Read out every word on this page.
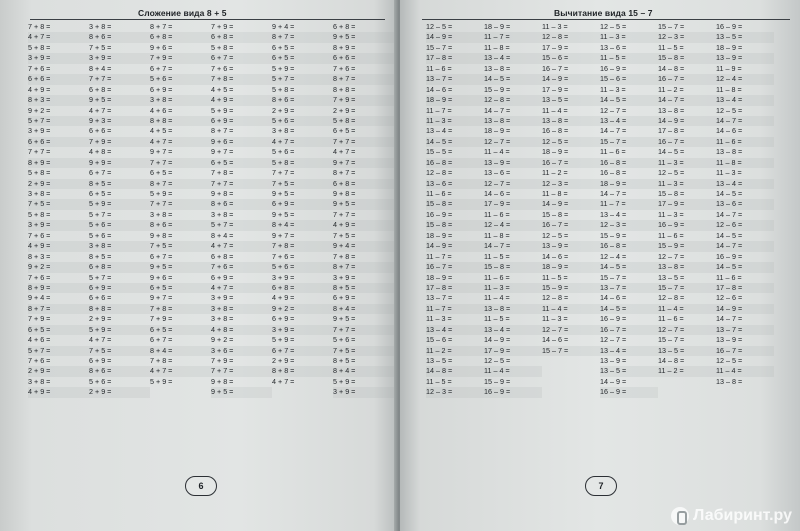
Сложение вида 8 + 5
7 + 8 =
4 + 7 =
5 + 8 =
3 + 9 =
7 + 6 =
6 + 6 =
4 + 9 =
8 + 3 =
9 + 2 =
5 + 7 =
3 + 9 =
6 + 6 =
7 + 7 =
8 + 9 =
5 + 8 =
2 + 9 =
3 + 8 =
7 + 5 =
5 + 8 =
3 + 9 =
7 + 6 =
4 + 9 =
8 + 3 =
9 + 2 =
7 + 6 =
8 + 9 =
9 + 4 =
8 + 7 =
7 + 9 =
6 + 5 =
4 + 6 =
5 + 7 =
7 + 6 =
2 + 9 =
3 + 8 =
4 + 9 =
3 + 8 =
8 + 6 =
7 + 5 =
3 + 9 =
8 + 4 =
7 + 7 =
6 + 8 =
9 + 5 =
4 + 7 =
9 + 3 =
6 + 6 =
7 + 9 =
4 + 8 =
9 + 9 =
6 + 7 =
8 + 5 =
6 + 5 =
5 + 9 =
5 + 7 =
5 + 6 =
5 + 6 =
3 + 8 =
8 + 5 =
6 + 8 =
5 + 7 =
6 + 9 =
6 + 6 =
8 + 8 =
2 + 9 =
5 + 9 =
4 + 7 =
7 + 5 =
6 + 9 =
8 + 6 =
5 + 6 =
2 + 9 =
8 + 7 =
6 + 8 =
9 + 6 =
7 + 9 =
6 + 7 =
5 + 6 =
6 + 9 =
3 + 8 =
4 + 6 =
8 + 8 =
4 + 5 =
4 + 7 =
9 + 7 =
7 + 7 =
6 + 5 =
8 + 7 =
5 + 9 =
7 + 7 =
3 + 8 =
8 + 6 =
9 + 8 =
7 + 5 =
6 + 7 =
9 + 5 =
9 + 6 =
6 + 5 =
9 + 7 =
7 + 8 =
7 + 9 =
6 + 5 =
6 + 7 =
8 + 4 =
7 + 8 =
4 + 7 =
5 + 9 =
7 + 9 =
6 + 8 =
5 + 8 =
6 + 7 =
7 + 6 =
7 + 8 =
4 + 5 =
4 + 9 =
5 + 9 =
6 + 9 =
8 + 7 =
9 + 6 =
9 + 7 =
6 + 5 =
7 + 8 =
7 + 7 =
9 + 8 =
8 + 6 =
3 + 8 =
5 + 7 =
8 + 4 =
4 + 7 =
6 + 8 =
7 + 6 =
6 + 9 =
4 + 7 =
3 + 9 =
3 + 8 =
3 + 8 =
4 + 8 =
9 + 2 =
3 + 6 =
7 + 9 =
7 + 7 =
9 + 8 =
9 + 5 =
9 + 4 =
8 + 7 =
6 + 5 =
6 + 5 =
5 + 9 =
5 + 7 =
5 + 8 =
8 + 6 =
2 + 9 =
5 + 6 =
3 + 8 =
4 + 7 =
5 + 6 =
5 + 8 =
7 + 7 =
7 + 5 =
9 + 5 =
6 + 9 =
9 + 5 =
8 + 4 =
9 + 7 =
7 + 8 =
7 + 6 =
5 + 6 =
3 + 9 =
6 + 8 =
4 + 9 =
9 + 2 =
6 + 9 =
3 + 9 =
5 + 9 =
6 + 7 =
2 + 9 =
8 + 8 =
4 + 7 =
6 + 8 =
9 + 5 =
8 + 9 =
6 + 6 =
7 + 6 =
8 + 7 =
8 + 8 =
7 + 9 =
2 + 9 =
5 + 8 =
6 + 5 =
7 + 7 =
4 + 7 =
9 + 7 =
8 + 7 =
6 + 8 =
9 + 8 =
9 + 5 =
7 + 7 =
4 + 9 =
7 + 5 =
9 + 4 =
7 + 8 =
8 + 7 =
3 + 9 =
8 + 5 =
6 + 9 =
8 + 4 =
9 + 5 =
7 + 7 =
5 + 6 =
7 + 5 =
8 + 5 =
8 + 4 =
5 + 9 =
3 + 9 =
6
Вычитание вида 15 – 7
12 – 5 =
14 – 9 =
15 – 7 =
17 – 8 =
11 – 6 =
13 – 7 =
14 – 6 =
18 – 9 =
11 – 7 =
11 – 3 =
13 – 4 =
14 – 5 =
15 – 5 =
16 – 8 =
12 – 8 =
13 – 6 =
11 – 6 =
15 – 8 =
16 – 9 =
15 – 8 =
18 – 9 =
14 – 9 =
11 – 7 =
16 – 7 =
18 – 9 =
17 – 8 =
13 – 7 =
11 – 7 =
11 – 3 =
13 – 4 =
15 – 6 =
11 – 2 =
13 – 5 =
14 – 8 =
11 – 5 =
12 – 3 =
18 – 9 =
11 – 7 =
11 – 8 =
13 – 4 =
13 – 8 =
14 – 5 =
15 – 9 =
12 – 8 =
14 – 7 =
13 – 8 =
18 – 9 =
12 – 7 =
11 – 4 =
13 – 9 =
13 – 6 =
12 – 7 =
14 – 6 =
17 – 9 =
11 – 6 =
12 – 4 =
11 – 8 =
14 – 7 =
11 – 5 =
15 – 8 =
11 – 6 =
11 – 3 =
11 – 4 =
13 – 8 =
11 – 5 =
13 – 4 =
14 – 9 =
17 – 9 =
12 – 5 =
11 – 4 =
15 – 9 =
16 – 9 =
11 – 3 =
12 – 8 =
17 – 9 =
15 – 6 =
16 – 7 =
14 – 9 =
17 – 9 =
13 – 5 =
11 – 4 =
13 – 8 =
16 – 8 =
12 – 5 =
18 – 9 =
16 – 7 =
11 – 2 =
12 – 3 =
11 – 8 =
14 – 9 =
15 – 8 =
16 – 7 =
12 – 5 =
13 – 9 =
14 – 6 =
18 – 9 =
11 – 5 =
15 – 9 =
12 – 8 =
11 – 4 =
11 – 3 =
12 – 7 =
14 – 6 =
15 – 7 =
12 – 5 =
11 – 3 =
13 – 6 =
11 – 5 =
16 – 9 =
15 – 6 =
11 – 3 =
14 – 5 =
12 – 7 =
13 – 4 =
14 – 7 =
15 – 7 =
11 – 6 =
16 – 8 =
16 – 8 =
18 – 9 =
14 – 7 =
11 – 7 =
13 – 4 =
12 – 3 =
15 – 9 =
16 – 8 =
12 – 4 =
14 – 5 =
15 – 7 =
13 – 7 =
14 – 6 =
14 – 5 =
16 – 9 =
16 – 7 =
12 – 7 =
13 – 4 =
13 – 9 =
13 – 5 =
14 – 9 =
16 – 9 =
15 – 7 =
12 – 3 =
11 – 5 =
15 – 8 =
14 – 8 =
16 – 7 =
11 – 2 =
14 – 7 =
13 – 8 =
14 – 9 =
17 – 8 =
16 – 7 =
14 – 5 =
11 – 3 =
12 – 5 =
11 – 3 =
15 – 8 =
17 – 9 =
11 – 3 =
16 – 9 =
11 – 6 =
15 – 9 =
12 – 7 =
13 – 8 =
13 – 5 =
15 – 7 =
12 – 8 =
11 – 4 =
11 – 6 =
12 – 7 =
15 – 7 =
13 – 5 =
14 – 8 =
11 – 2 =
16 – 9 =
13 – 5 =
18 – 9 =
13 – 9 =
11 – 9 =
12 – 4 =
11 – 8 =
13 – 4 =
12 – 5 =
14 – 7 =
14 – 6 =
11 – 6 =
13 – 8 =
11 – 8 =
11 – 3 =
13 – 4 =
14 – 5 =
13 – 6 =
14 – 7 =
12 – 6 =
14 – 5 =
14 – 7 =
16 – 9 =
14 – 5 =
11 – 6 =
17 – 8 =
12 – 6 =
14 – 9 =
14 – 7 =
13 – 7 =
13 – 9 =
16 – 7 =
12 – 5 =
11 – 4 =
13 – 8 =
7
Лабиринт.ру
